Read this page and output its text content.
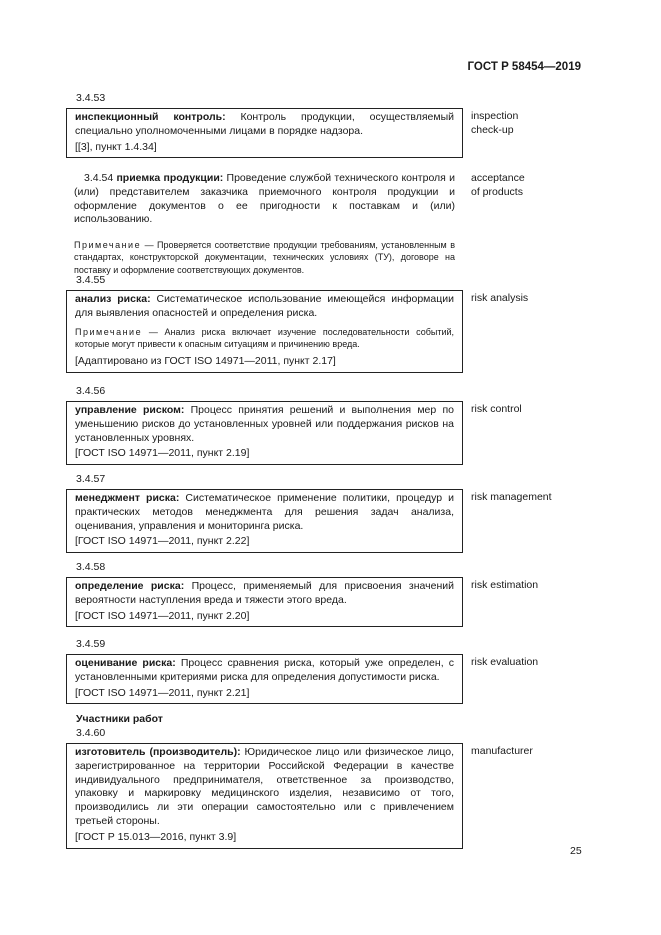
ГОСТ Р 58454—2019
3.4.53
инспекционный контроль: Контроль продукции, осуществляемый специально уполномоченными лицами в порядке надзора.
[[3], пункт 1.4.34]
inspection
check-up
3.4.54 приемка продукции: Проведение службой технического контроля и (или) представителем заказчика приемочного контроля продукции и оформление документов о ее пригодности к поставкам и (или) использованию.
Примечание — Проверяется соответствие продукции требованиям, установленным в стандартах, конструкторской документации, технических условиях (ТУ), договоре на поставку и оформление соответствующих документов.
acceptance
of products
3.4.55
анализ риска: Систематическое использование имеющейся информации для выявления опасностей и определения риска.
Примечание — Анализ риска включает изучение последовательности событий, которые могут привести к опасным ситуациям и причинению вреда.
[Адаптировано из ГОСТ ISO 14971—2011, пункт 2.17]
risk analysis
3.4.56
управление риском: Процесс принятия решений и выполнения мер по уменьшению рисков до установленных уровней или поддержания рисков на установленных уровнях.
[ГОСТ ISO 14971—2011, пункт 2.19]
risk control
3.4.57
менеджмент риска: Систематическое применение политики, процедур и практических методов менеджмента для решения задач анализа, оценивания, управления и мониторинга риска.
[ГОСТ ISO 14971—2011, пункт 2.22]
risk management
3.4.58
определение риска: Процесс, применяемый для присвоения значений вероятности наступления вреда и тяжести этого вреда.
[ГОСТ ISO 14971—2011, пункт 2.20]
risk estimation
3.4.59
оценивание риска: Процесс сравнения риска, который уже определен, с установленными критериями риска для определения допустимости риска.
[ГОСТ ISO 14971—2011, пункт 2.21]
risk evaluation
Участники работ
3.4.60
изготовитель (производитель): Юридическое лицо или физическое лицо, зарегистрированное на территории Российской Федерации в качестве индивидуального предпринимателя, ответственное за производство, упаковку и маркировку медицинского изделия, независимо от того, производились ли эти операции самостоятельно или с привлечением третьей стороны.
[ГОСТ Р 15.013—2016, пункт 3.9]
manufacturer
25
